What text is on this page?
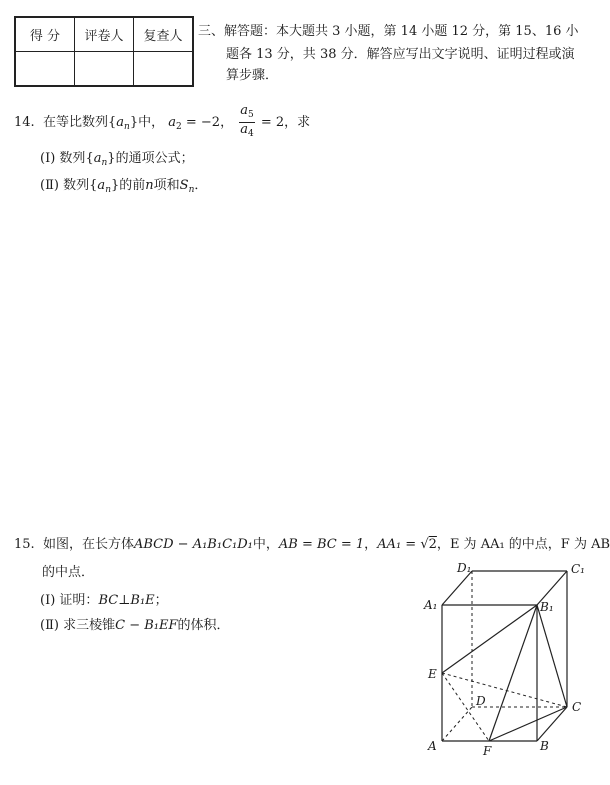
得 分	评卷人	复查人
		三、解答题：本大题共 3 小题，第 14 小题 12 分，第 15、16 小
题各 13 分，共 38 分．解答应写出文字说明、证明过程或演
算步骤．
14. 在等比数列$\{a_n\}$中， $a_2 = -2$， $\frac{a_5}{a_4} = 2$，求
(Ⅰ) 数列$\{a_n\}$的通项公式；
(Ⅱ) 数列$\{a_n\}$的前n项和$S_n$．
15. 如图，在长方体ABCD − A₁B₁C₁D₁中，AB = BC = 1，AA₁ = √2，E 为 AA₁ 的中点，F 为 AB
的中点．
(Ⅰ) 证明：BC⊥B₁E；
(Ⅱ) 求三棱锥C − B₁EF的体积．
D₁	C₁
A₁	B₁
E
D	C
A	F	B
